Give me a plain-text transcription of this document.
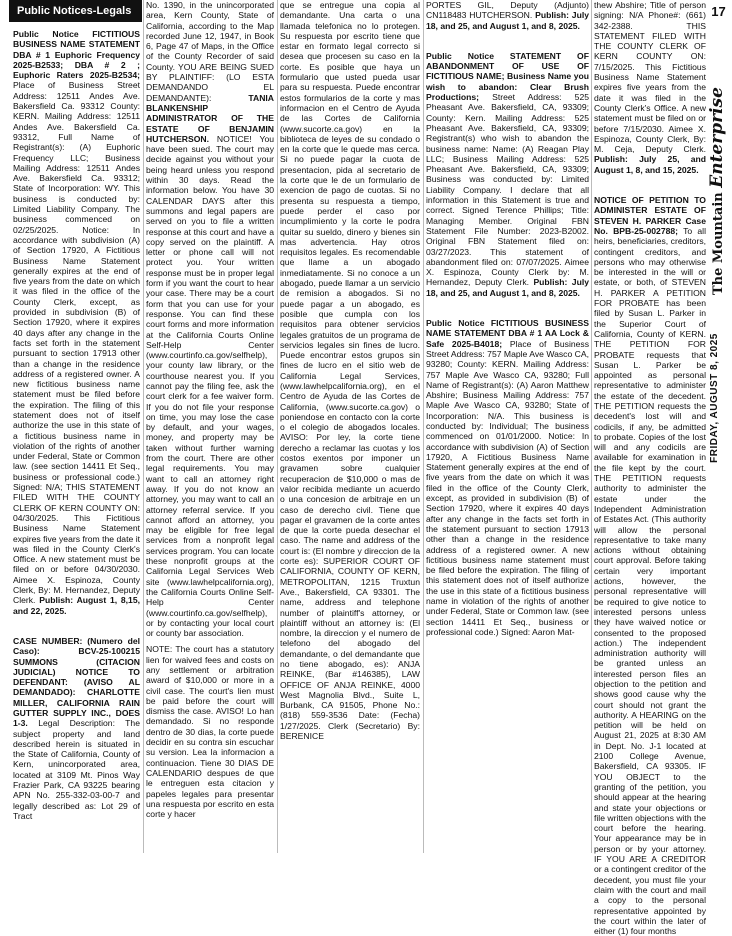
Public Notices-Legals

Public Notice FICTITIOUS BUSINESS NAME STATEMENT DBA # 1 Euphoric Frequency 2025-B2533; DBA # 2 ; Euphoric Raters 2025-B2534; Place of Business Street Address: 12511 Andes Ave. Bakersfield Ca. 93312 County: KERN. Mailing Address: 12511 Andes Ave. Bakersfield Ca. 93312, Full Name of Registrant(s): (A) Euphoric Frequency LLC; Business Mailing Address: 12511 Andes Ave. Bakersfield Ca. 93312; State of Incorporation: WY. This business is conducted by: Limited Liability Company. The business commenced on 02/25/2025. Notice: In accordance with subdivision (A) of Section 17920, A Fictitious Business Name Statement generally expires at the end of five years from the date on which it was filed in the office of the County Clerk, except, as provided in subdivision (B) of Section 17920, where it expires 40 days after any change in the facts set forth in the statement pursuant to section 17913 other than a change in the residence address of a registered owner. A new fictitious business name statement must be filed before the expiration. The filing of this statement does not of itself authorize the use in this state of a fictitious business name in violation of the rights of another under Federal, State or Common law. (see section 14411 Et Seq., business or professional code.) Signed: N/A; THIS STATEMENT FILED WITH THE COUNTY CLERK OF KERN COUNTY ON: 04/30/2025. This Fictitious Business Name Statement expires five years from the date it was filed in the County Clerk's Office. A new statement must be filed on or before 04/30/2030. Aimee X. Espinoza, County Clerk, By: M. Hernandez, Deputy Clerk. Publish: August 1, 8,15, and 22, 2025.

CASE NUMBER: (Numero del Caso): BCV-25-100215 SUMMONS (CITACION JUDICIAL) NOTICE TO DEFENDANT: (AVISO AL DEMANDADO): CHARLOTTE MILLER, CALIFORNIA RAIN GUTTER SUPPLY INC., DOES 1-3. Legal Description: The subject property and land described herein is situated in the State of California, County of Kern, unincorporated area, located at 3109 Mt. Pinos Way Frazier Park, CA 93225 bearing APN No. 255-332-03-00-7 and legally described as: Lot 29 of Tract

No. 1390, in the unincorporated area, Kern County, State of California, according to the Map recorded June 12, 1947, in Book 6, Page 47 of Maps, in the Office of the County Recorder of said County. YOU ARE BEING SUED BY PLAINTIFF: (LO ESTA DEMANDANDO EL DEMANDANTE):	TANIA BLANKENSHIP ADMINISTRATOR OF THE ESTATE OF BENJAMIN HUTCHERSON. NOTICE! You have been sued. The court may decide against you without your being heard unless you respond within 30 days. Read the information below. You have 30 CALENDAR DAYS after this summons and legal papers are served on you to file a written response at this court and have a copy served on the plaintiff. A letter or phone call will not protect you. Your written response must be in proper legal form if you want the court to hear your case. There may be a court form that you can use for your response. You can find these court forms and more information at the California Courts Online Self-Help Center (www.courtinfo.ca.gov/selfhelp), your county law library, or the courthouse nearest you. If you cannot pay the filing fee, ask the court clerk for a fee waiver form. If you do not file your response on time, you may lose the case by default, and your wages, money, and property may be taken without further warning from the court. There are other legal requirements. You may want to call an attorney right away. If you do not know an attorney, you may want to call an attorney referral service. If you cannot afford an attorney, you may be eligible for free legal services from a nonprofit legal services program. You can locate these nonprofit groups at the California Legal Services Web site (www.lawhelpcalifornia.org), the California Courts Online Self-Help Center (www.courtinfo.ca.gov/selfhelp), or by contacting your local court or county bar association.

NOTE: The court has a statutory lien for waived fees and costs on any settlement or arbitration award of $10,000 or more in a civil case. The court's lien must be paid before the court will dismiss the case. AVISO! Lo han demandado. Si no responde dentro de 30 dias, la corte puede decidir en su contra sin escuchar su version. Lea la informacion a continuacion. Tiene 30 DIAS DE CALENDARIO despues de que le entreguen esta citacion y papeles legales para presentar una respuesta por escrito en esta corte y hacer

que se entregue una copia al demandante. Una carta o una llamada telefonica no lo protegen. Su respuesta por escrito tiene que estar en formato legal correcto si desea que procesen su caso en la corte. Es posible que haya un formulario que usted pueda usar para su respuesta. Puede encontrar estos formularios de la corte y mas informacion en el Centro de Ayuda de las Cortes de California (www.sucorte.ca.gov) en la biblioteca de leyes de su condado o en la corte que le quede mas cerca. Si no puede pagar la cuota de presentacion, pida al secretario de la corte que le de un formulario de exencion de pago de cuotas. Si no presenta su respuesta a tiempo, puede perder el caso por incumplimiento y la corte le podra quitar su sueldo, dinero y bienes sin mas advertencia. Hay otros requisitos legales. Es recomendable que llame a un abogado inmediatamente. Si no conoce a un abogado, puede llamar a un servicio de remision a abogados. Si no puede pagar a un abogado, es posible que cumpla con los requisitos para obtener servicios legales gratuitos de un programa de servicios legales sin fines de lucro. Puede encontrar estos grupos sin fines de lucro en el sitio web de California Legal Services, (www.lawhelpcalifornia.org), en el Centro de Ayuda de las Cortes de California, (www.sucorte.ca.gov) o poniendose en contacto con la corte o el colegio de abogados locales. AVISO: Por ley, la corte tiene derecho a reclamar las cuotas y los costos exentos por imponer un gravamen sobre cualquier recuperacion de $10,000 o mas de valor recibida mediante un acuerdo o una concesion de arbitraje en un caso de derecho civil. Tiene que pagar el gravamen de la corte antes de que la corte pueda desechar el caso. The name and address of the court is: (El nombre y direccion de la corte es): SUPERIOR COURT OF CALIFORNIA, COUNTY OF KERN, METROPOLITAN, 1215 Truxtun Ave., Bakersfield, CA 93301. The name, address and telephone number of plaintiff's attorney, or plaintiff without an attorney is: (El nombre, la direccion y el numero de telefono del abogado del demandante, o del demandante que no tiene abogado, es): ANJA REINKE, (Bar #146385), LAW OFFICE OF ANJA REINKE, 4000 West Magnolia Blvd., Suite L, Burbank, CA 91505, Phone No.: (818) 559-3536 Date: (Fecha) 1/27/2025. Clerk (Secretario) By: BERENICE

PORTES GIL, Deputy (Adjunto) CN118483 HUTCHERSON. Publish: July 18, and 25, and August 1, and 8, 2025.

Public Notice STATEMENT OF ABANDONMENT OF USE OF FICTITIOUS NAME; Business Name you wish to abandon: Clear Brush Productions; Street Address: 525 Pheasant Ave. Bakersfield, CA, 93309; County: Kern. Mailing Address: 525 Pheasant Ave. Bakersfield, CA, 93309; Registrant(s) who wish to abandon the business name: Name: (A) Reagan Play LLC; Business Mailing Address: 525 Pheasant Ave. Bakersfield, CA, 93309; Business was conducted by: Limited Liability Company. I declare that all information in this Statement is true and correct. Signed Terence Phillips; Title: Managing Member. Original FBN Statement File Number: 2023-B2002. Original FBN Statement filed on: 03/27/2023. This statement of abandonment filed on: 07/07/2025. Aimee X. Espinoza, County Clerk by: M. Hernandez, Deputy Clerk. Publish: July 18, and 25, and August 1, and 8, 2025.

Public Notice FICTITIOUS BUSINESS NAME STATEMENT DBA # 1 AA Lock & Safe 2025-B4018; Place of Business Street Address: 757 Maple Ave Wasco CA, 93280; County: KERN. Mailing Address: 757 Maple Ave Wasco CA, 93280; Full Name of Registrant(s): (A) Aaron Matthew Abshire; Business Mailing Address: 757 Maple Ave Wasco CA, 93280; State of Incorporation: N/A. This business is conducted by: Individual; The business commenced on 01/01/2000. Notice: In accordance with subdivision (A) of Section 17920, A Fictitious Business Name Statement generally expires at the end of five years from the date on which it was filed in the office of the County Clerk, except, as provided in subdivision (B) of Section 17920, where it expires 40 days after any change in the facts set forth in the statement pursuant to section 17913 other than a change in the residence address of a registered owner. A new fictitious business name statement must be filed before the expiration. The filing of this statement does not of itself authorize the use in this state of a fictitious business name in violation of the rights of another under Federal, State or Common law. (see section 14411 Et Seq., business or professional code.) Signed: Aaron Mat-

thew Abshire; Title of person signing: N/A Phone#: (661) 342-2388. THIS STATEMENT FILED WITH THE COUNTY CLERK OF KERN COUNTY ON: 7/15/2025. This Fictitious Business Name Statement expires five years from the date it was filed in the County Clerk's Office. A new statement must be filed on or before 7/15/2030. Aimee X. Espinoza, County Clerk, By: M. Ceja, Deputy Clerk. Publish: July 25, and August 1, 8, and 15, 2025.

NOTICE OF PETITION TO ADMINISTER ESTATE OF STEVEN H. PARKER Case No. BPB-25-002788; To all heirs, beneficiaries, creditors, contingent creditors, and persons who may otherwise be interested in the will or estate, or both, of STEVEN H. PARKER A PETITION FOR PROBATE has been filed by Susan L. Parker in the Superior Court of California, County of KERN. THE PETITION FOR PROBATE requests that Susan L. Parker be appointed as personal representative to administer the estate of the decedent. THE PETITION requests the decedent's lost will and codicils, if any, be admitted to probate. Copies of the lost will and any codicils are available for examination in the file kept by the court. THE PETITION requests authority to administer the estate under the Independent Administration of Estates Act. (This authority will allow the personal representative to take many actions without obtaining court approval. Before taking certain very important actions, however, the personal representative will be required to give notice to interested persons unless they have waived notice or consented to the proposed action.) The independent administration authority will be granted unless an interested person files an objection to the petition and shows good cause why the court should not grant the authority. A HEARING on the petition will be held on August 21, 2025 at 8:30 AM in Dept. No. J-1 located at 2100 College Avenue, Bakersfield, CA 93305. IF YOU OBJECT to the granting of the petition, you should appear at the hearing and state your objections or file written objections with the court before the hearing. Your appearance may be in person or by your attorney. IF YOU ARE A CREDITOR or a contingent creditor of the decedent, you must file your claim with the court and mail a copy to the personal representative appointed by the court within the later of either (1) four months

17
The Mountain Enterprise
FRIDAY, AUGUST 8, 2025
